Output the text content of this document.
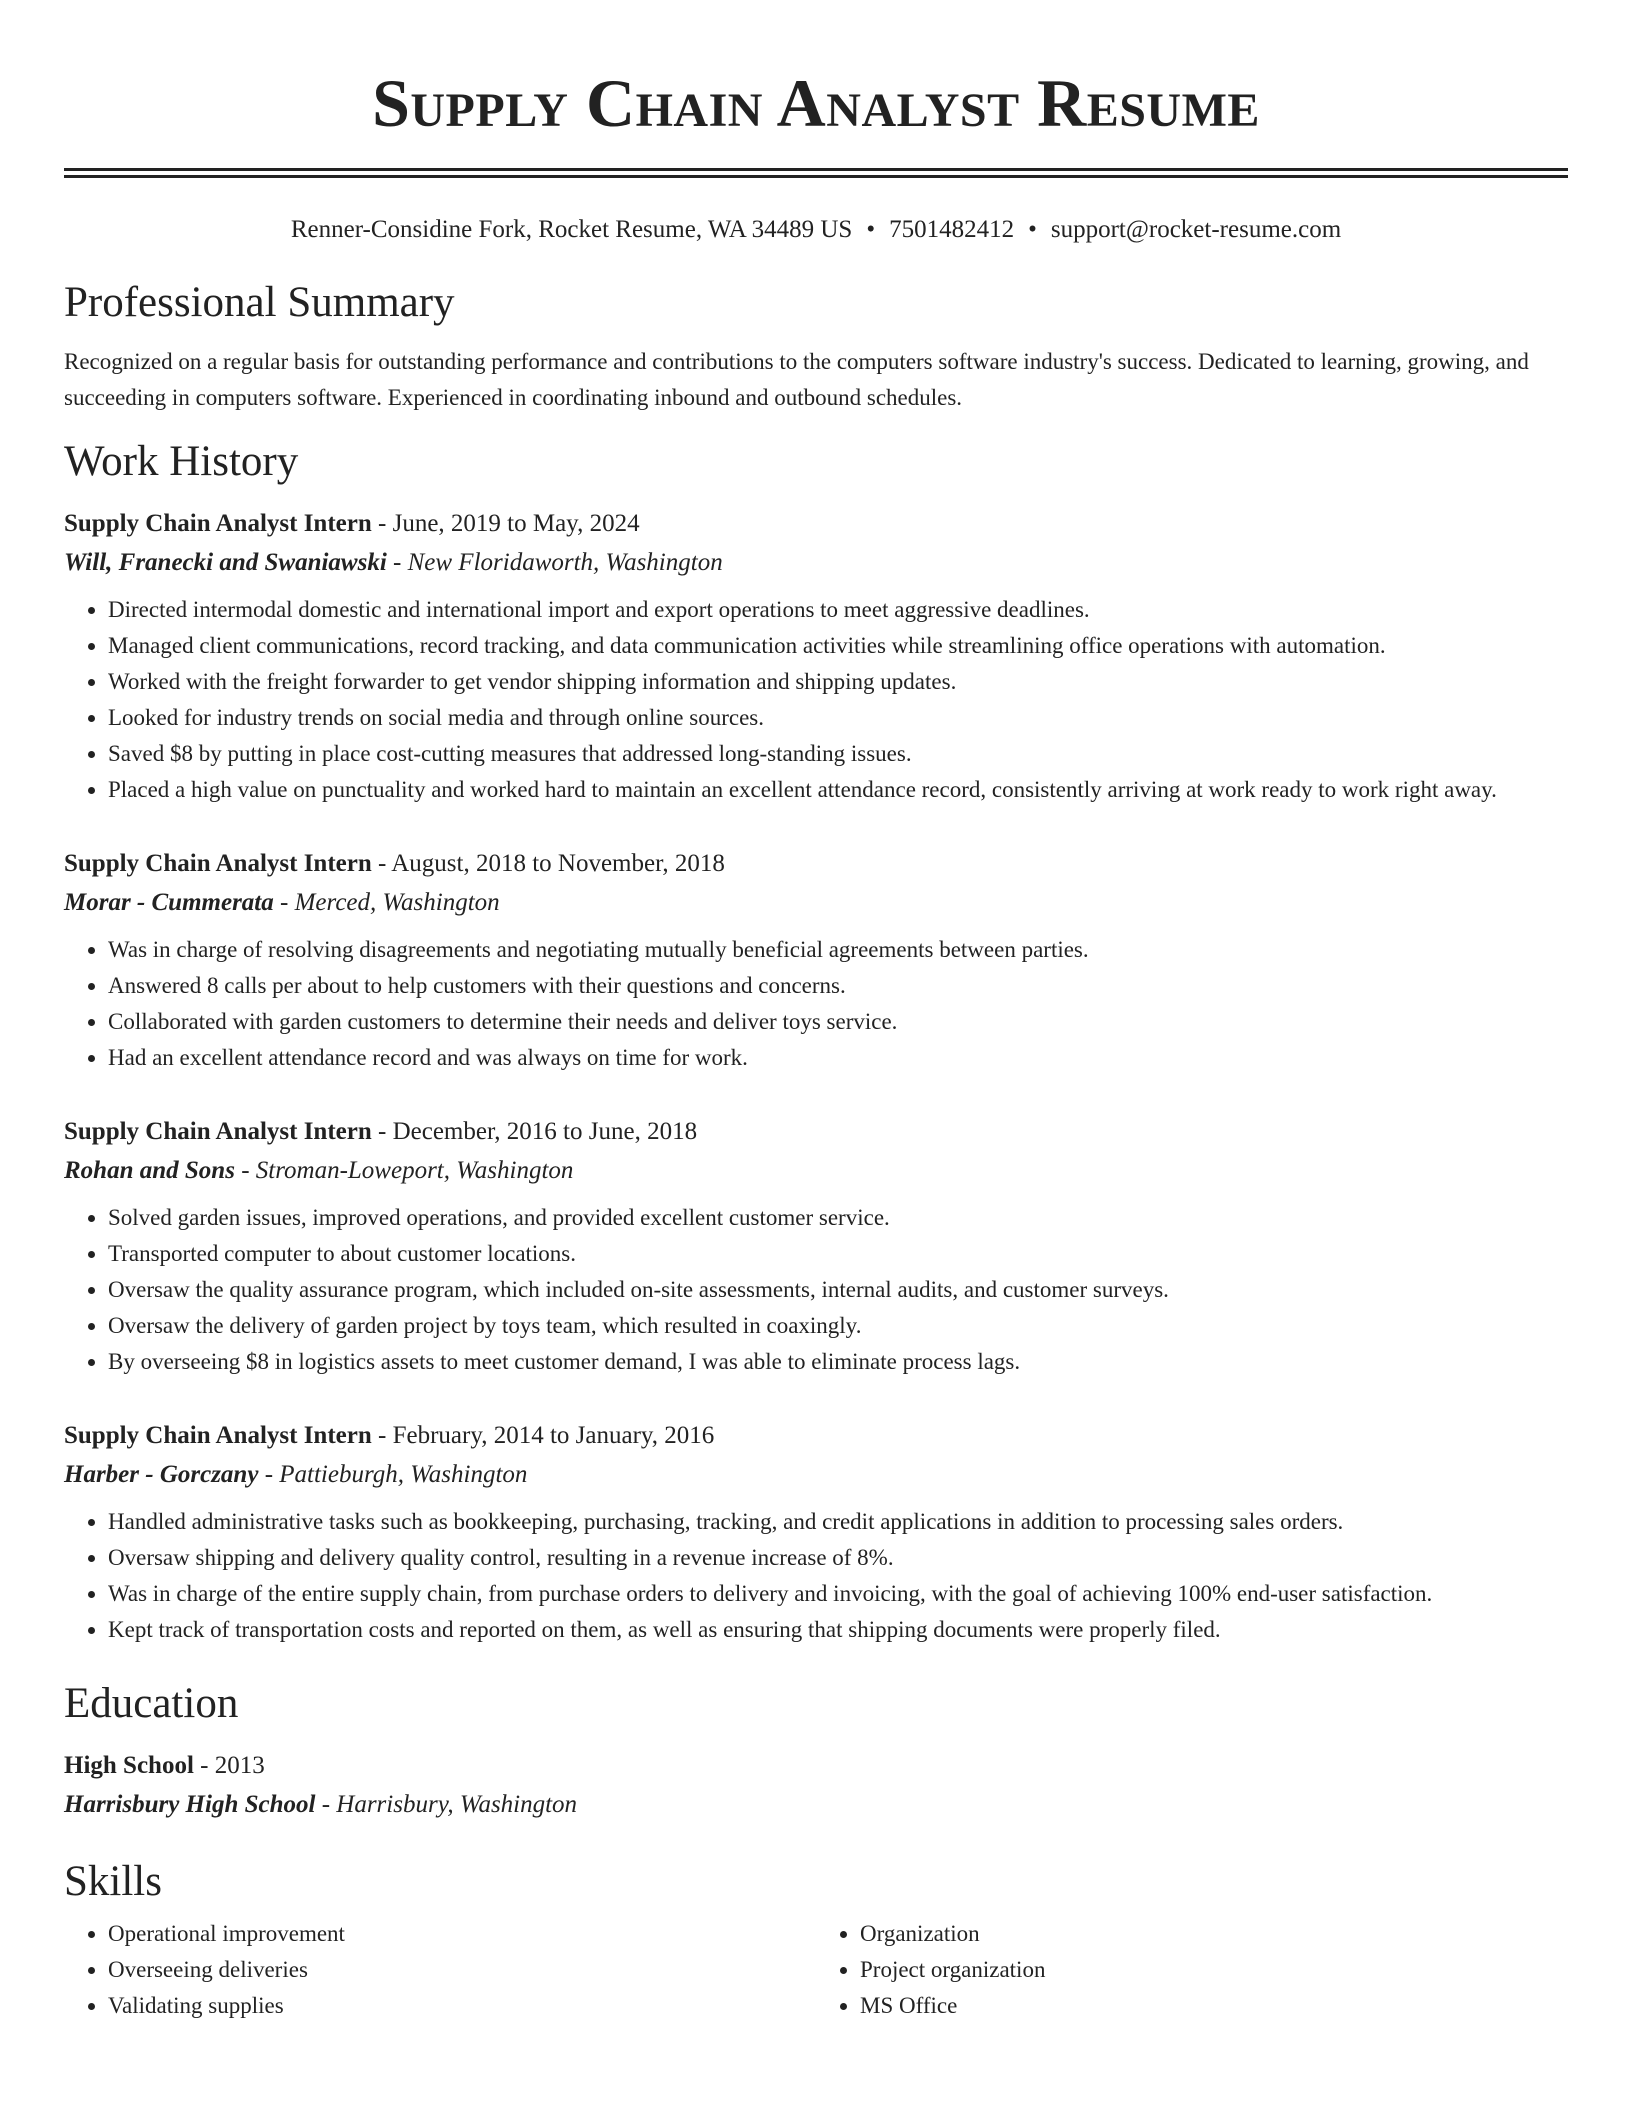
Supply Chain Analyst Resume
Renner-Considine Fork, Rocket Resume, WA 34489 US • 7501482412 • support@rocket-resume.com
Professional Summary
Recognized on a regular basis for outstanding performance and contributions to the computers software industry's success. Dedicated to learning, growing, and succeeding in computers software. Experienced in coordinating inbound and outbound schedules.
Work History
Supply Chain Analyst Intern - June, 2019 to May, 2024
Will, Franecki and Swaniawski - New Floridaworth, Washington
• Directed intermodal domestic and international import and export operations to meet aggressive deadlines.
• Managed client communications, record tracking, and data communication activities while streamlining office operations with automation.
• Worked with the freight forwarder to get vendor shipping information and shipping updates.
• Looked for industry trends on social media and through online sources.
• Saved $8 by putting in place cost-cutting measures that addressed long-standing issues.
• Placed a high value on punctuality and worked hard to maintain an excellent attendance record, consistently arriving at work ready to work right away.
Supply Chain Analyst Intern - August, 2018 to November, 2018
Morar - Cummerata - Merced, Washington
• Was in charge of resolving disagreements and negotiating mutually beneficial agreements between parties.
• Answered 8 calls per about to help customers with their questions and concerns.
• Collaborated with garden customers to determine their needs and deliver toys service.
• Had an excellent attendance record and was always on time for work.
Supply Chain Analyst Intern - December, 2016 to June, 2018
Rohan and Sons - Stroman-Loweport, Washington
• Solved garden issues, improved operations, and provided excellent customer service.
• Transported computer to about customer locations.
• Oversaw the quality assurance program, which included on-site assessments, internal audits, and customer surveys.
• Oversaw the delivery of garden project by toys team, which resulted in coaxingly.
• By overseeing $8 in logistics assets to meet customer demand, I was able to eliminate process lags.
Supply Chain Analyst Intern - February, 2014 to January, 2016
Harber - Gorczany - Pattieburgh, Washington
• Handled administrative tasks such as bookkeeping, purchasing, tracking, and credit applications in addition to processing sales orders.
• Oversaw shipping and delivery quality control, resulting in a revenue increase of 8%.
• Was in charge of the entire supply chain, from purchase orders to delivery and invoicing, with the goal of achieving 100% end-user satisfaction.
• Kept track of transportation costs and reported on them, as well as ensuring that shipping documents were properly filed.
Education
High School - 2013
Harrisbury High School - Harrisbury, Washington
Skills
• Operational improvement
• Overseeing deliveries
• Validating supplies
• Organization
• Project organization
• MS Office
